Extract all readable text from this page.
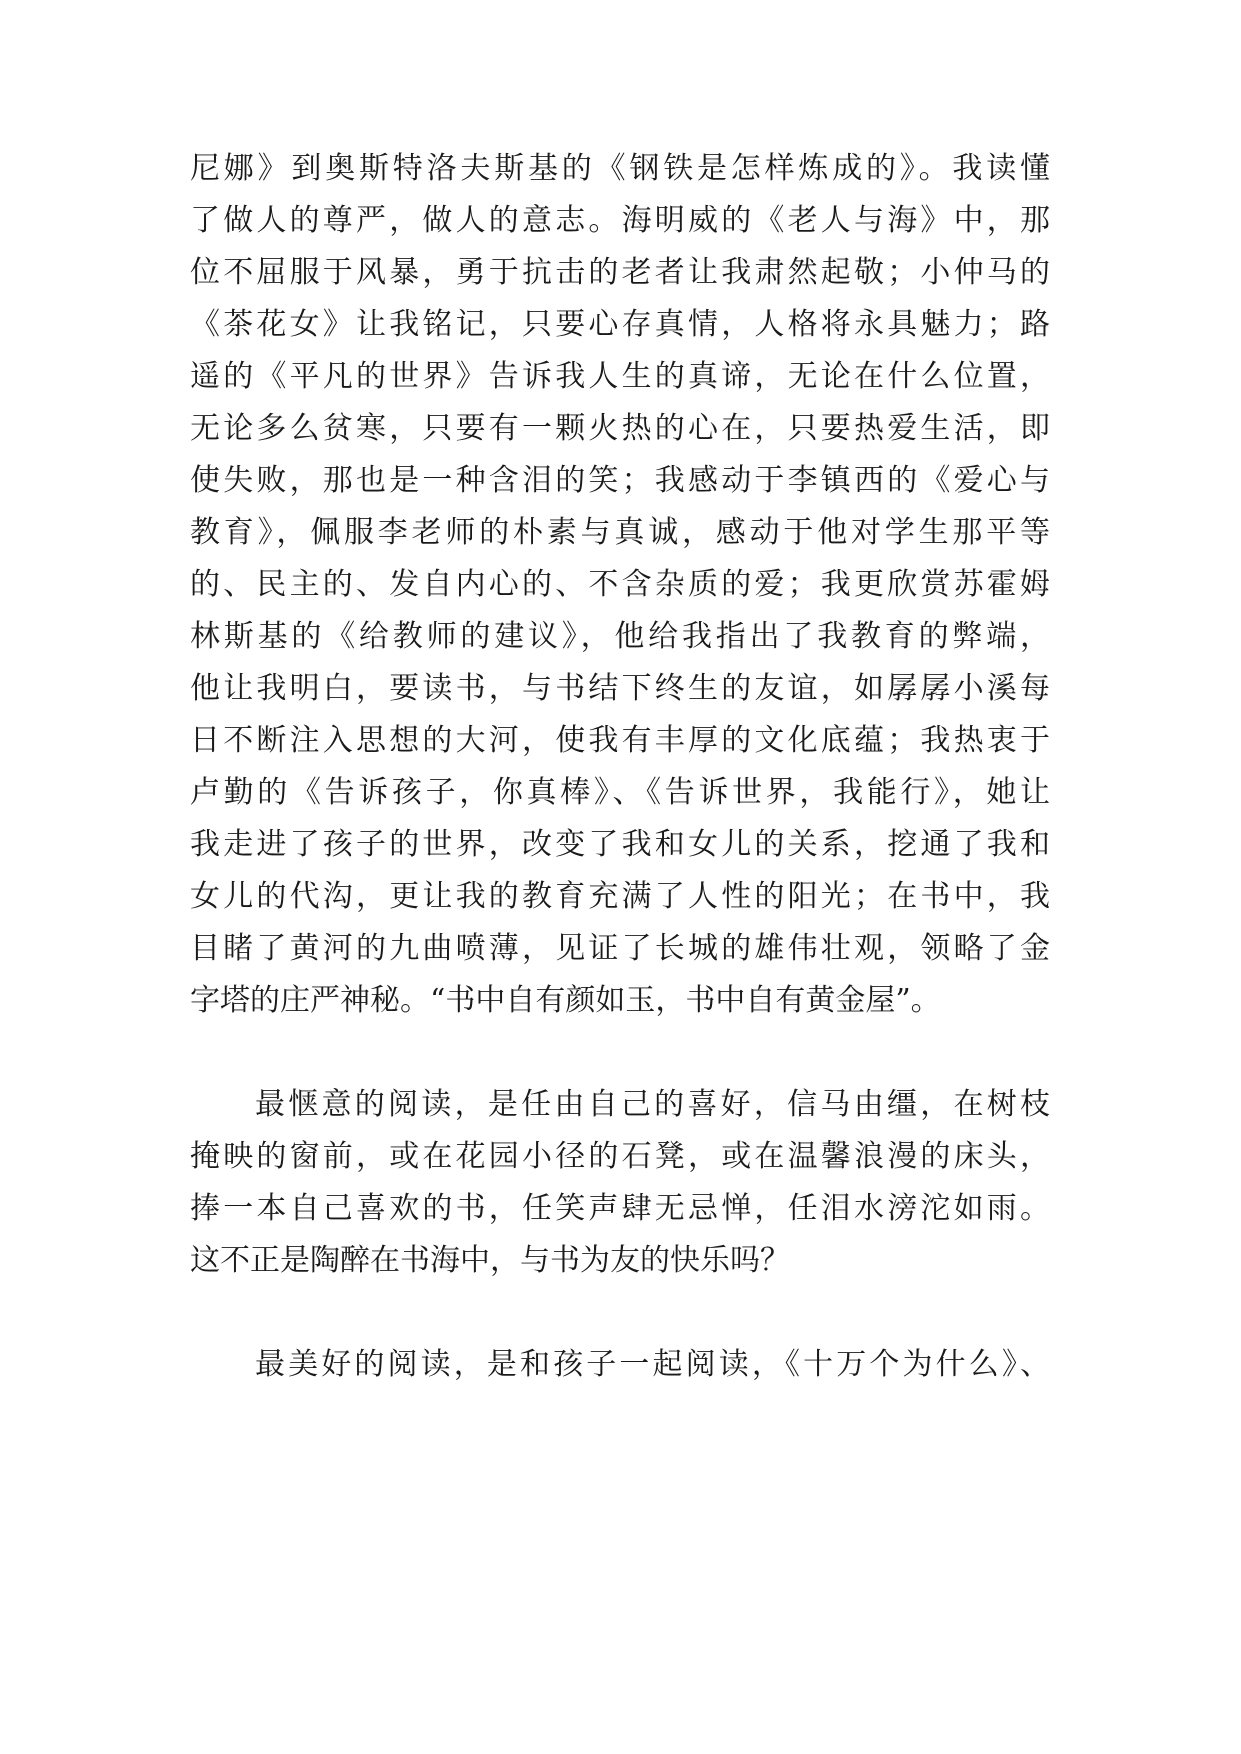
尼娜》到奥斯特洛夫斯基的《钢铁是怎样炼成的》。我读懂
了做人的尊严，做人的意志。海明威的《老人与海》中，那
位不屈服于风暴，勇于抗击的老者让我肃然起敬；小仲马的
《茶花女》让我铭记，只要心存真情，人格将永具魅力；路
遥的《平凡的世界》告诉我人生的真谛，无论在什么位置，
无论多么贫寒，只要有一颗火热的心在，只要热爱生活，即
使失败，那也是一种含泪的笑；我感动于李镇西的《爱心与
教育》，佩服李老师的朴素与真诚，感动于他对学生那平等
的、民主的、发自内心的、不含杂质的爱；我更欣赏苏霍姆
林斯基的《给教师的建议》，他给我指出了我教育的弊端，
他让我明白，要读书，与书结下终生的友谊，如孱孱小溪每
日不断注入思想的大河，使我有丰厚的文化底蕴；我热衷于
卢勤的《告诉孩子，你真棒》、《告诉世界，我能行》，她让
我走进了孩子的世界，改变了我和女儿的关系，挖通了我和
女儿的代沟，更让我的教育充满了人性的阳光；在书中，我
目睹了黄河的九曲喷薄，见证了长城的雄伟壮观，领略了金
字塔的庄严神秘。“书中自有颜如玉，书中自有黄金屋”。
最惬意的阅读，是任由自己的喜好，信马由缰，在树枝
掩映的窗前，或在花园小径的石凳，或在温馨浪漫的床头，
捧一本自己喜欢的书，任笑声肆无忌惮，任泪水滂沱如雨。
这不正是陶醉在书海中，与书为友的快乐吗？
最美好的阅读，是和孩子一起阅读，《十万个为什么》、
